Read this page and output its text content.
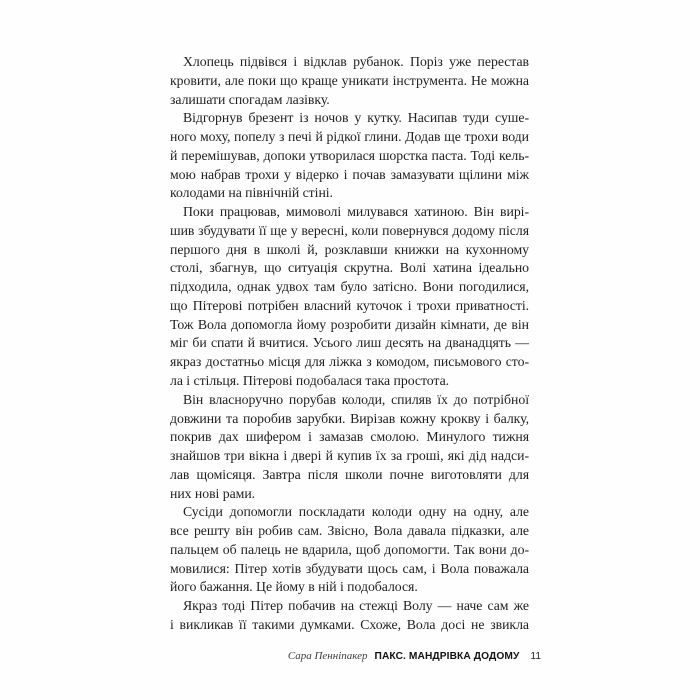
Хлопець підвівся і відклав рубанок. Поріз уже перестав
кровити, але поки що краще уникати інструмента. Не можна
залишати спогадам лазівку.
Відгорнув брезент із ночов у кутку. Насипав туди суше-
ного моху, попелу з печі й рідкої глини. Додав ще трохи води
й перемішував, допоки утворилася шорстка паста. Тоді кель-
мою набрав трохи у відерко і почав замазувати щілини між
колодами на північній стіні.
Поки працював, мимоволі милувався хатиною. Він вирі-
шив збудувати її ще у вересні, коли повернувся додому після
першого дня в школі й, розклавши книжки на кухонному
столі, збагнув, що ситуація скрутна. Волі хатина ідеально
підходила, однак удвох там було затісно. Вони погодилися,
що Пітерові потрібен власний куточок і трохи приватності.
Тож Вола допомогла йому розробити дизайн кімнати, де він
міг би спати й вчитися. Усього лиш десять на дванадцять —
якраз достатньо місця для ліжка з комодом, письмового сто-
ла і стільця. Пітерові подобалася така простота.
Він власноручно порубав колоди, спиляв їх до потрібної
довжини та поробив зарубки. Вирізав кожну крокву і балку,
покрив дах шифером і замазав смолою. Минулого тижня
знайшов три вікна і двері й купив їх за гроші, які дід надси-
лав щомісяця. Завтра після школи почне виготовляти для
них нові рами.
Сусіди допомогли поскладати колоди одну на одну, але
все решту він робив сам. Звісно, Вола давала підказки, але
пальцем об палець не вдарила, щоб допомогти. Так вони до-
мовилися: Пітер хотів збудувати щось сам, і Вола поважала
його бажання. Це йому в ній і подобалося.
Якраз тоді Пітер побачив на стежці Волу — наче сам же
і викликав її такими думками. Схоже, Вола досі не звикла
Сара Пенніпакер ПАКС. МАНДРІВКА ДОДОМУ 11
